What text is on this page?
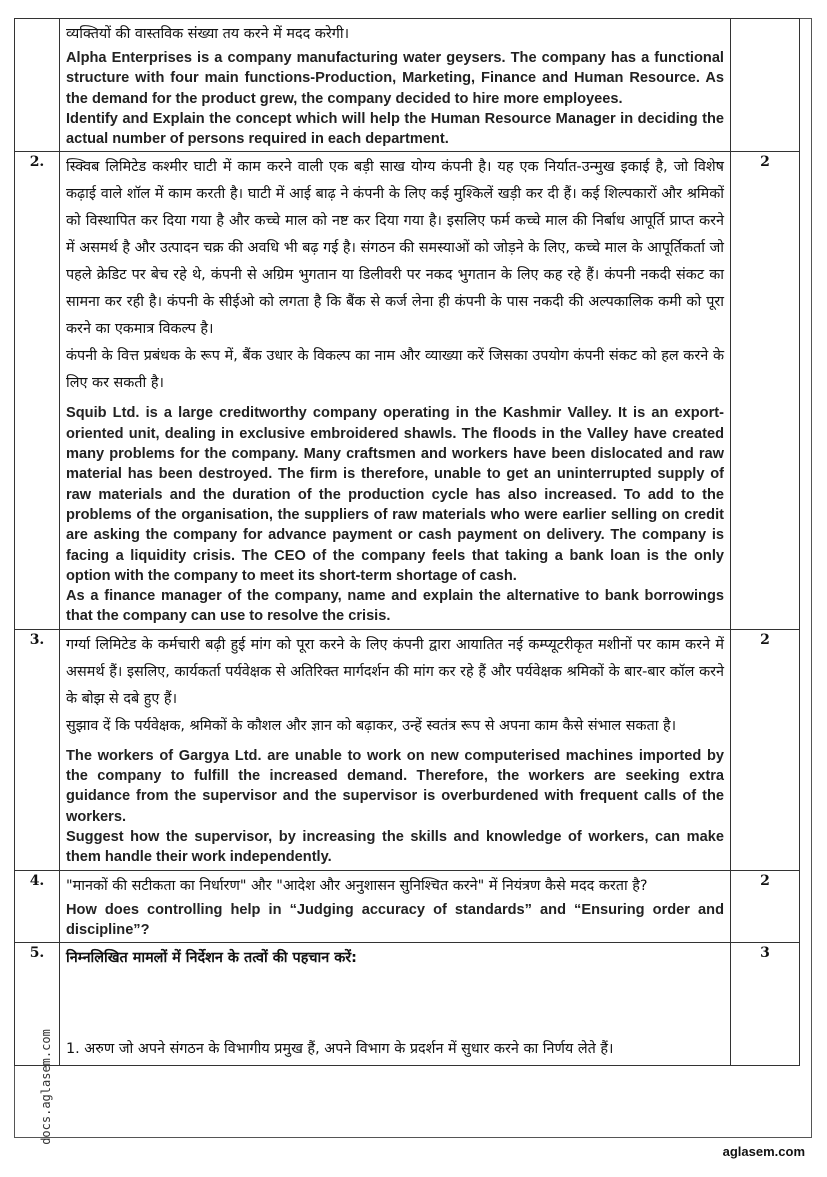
	व्यक्तियों की वास्तविक संख्या तय करने में मदद करेगी।

Alpha Enterprises is a company manufacturing water geysers. The company has a functional structure with four main functions-Production, Marketing, Finance and Human Resource. As the demand for the product grew, the company decided to hire more employees.

Identify and Explain the concept which will help the Human Resource Manager in deciding the actual number of persons required in each department.	

2.	स्क्विब लिमिटेड कश्मीर घाटी में काम करने वाली एक बड़ी साख योग्य कंपनी है। यह एक निर्यात-उन्मुख इकाई है, जो विशेष कढ़ाई वाले शॉल में काम करती है। घाटी में आई बाढ़ ने कंपनी के लिए कई मुश्किलें खड़ी कर दी हैं। कई शिल्पकारों और श्रमिकों को विस्थापित कर दिया गया है और कच्चे माल को नष्ट कर दिया गया है। इसलिए फर्म कच्चे माल की निर्बाध आपूर्ति प्राप्त करने में असमर्थ है और उत्पादन चक्र की अवधि भी बढ़ गई है। संगठन की समस्याओं को जोड़ने के लिए, कच्चे माल के आपूर्तिकर्ता जो पहले क्रेडिट पर बेच रहे थे, कंपनी से अग्रिम भुगतान या डिलीवरी पर नकद भुगतान के लिए कह रहे हैं। कंपनी नकदी संकट का सामना कर रही है। कंपनी के सीईओ को लगता है कि बैंक से कर्ज लेना ही कंपनी के पास नकदी की अल्पकालिक कमी को पूरा करने का एकमात्र विकल्प है।

कंपनी के वित्त प्रबंधक के रूप में, बैंक उधार के विकल्प का नाम और व्याख्या करें जिसका उपयोग कंपनी संकट को हल करने के लिए कर सकती है।

Squib Ltd. is a large creditworthy company operating in the Kashmir Valley. It is an export-oriented unit, dealing in exclusive embroidered shawls. The floods in the Valley have created many problems for the company. Many craftsmen and workers have been dislocated and raw material has been destroyed. The firm is therefore, unable to get an uninterrupted supply of raw materials and the duration of the production cycle has also increased. To add to the problems of the organisation, the suppliers of raw materials who were earlier selling on credit are asking the company for advance payment or cash payment on delivery. The company is facing a liquidity crisis. The CEO of the company feels that taking a bank loan is the only option with the company to meet its short-term shortage of cash.

As a finance manager of the company, name and explain the alternative to bank borrowings that the company can use to resolve the crisis.	2
3.	गर्ग्या लिमिटेड के कर्मचारी बढ़ी हुई मांग को पूरा करने के लिए कंपनी द्वारा आयातित नई कम्प्यूटरीकृत मशीनों पर काम करने में असमर्थ हैं। इसलिए, कार्यकर्ता पर्यवेक्षक से अतिरिक्त मार्गदर्शन की मांग कर रहे हैं और पर्यवेक्षक श्रमिकों के बार-बार कॉल करने के बोझ से दबे हुए हैं।

सुझाव दें कि पर्यवेक्षक, श्रमिकों के कौशल और ज्ञान को बढ़ाकर, उन्हें स्वतंत्र रूप से अपना काम कैसे संभाल सकता है।

The workers of Gargya Ltd. are unable to work on new computerised machines imported by the company to fulfill the increased demand. Therefore, the workers are seeking extra guidance from the supervisor and the supervisor is overburdened with frequent calls of the workers.

Suggest how the supervisor, by increasing the skills and knowledge of workers, can make them handle their work independently.	2
4.	"मानकों की सटीकता का निर्धारण" और "आदेश और अनुशासन सुनिश्चित करने" में नियंत्रण कैसे मदद करता है?

How does controlling help in “Judging accuracy of standards” and “Ensuring order and discipline”?	2
5.	निम्नलिखित मामलों में निर्देशन के तत्वों की पहचान करें:

1. अरुण जो अपने संगठन के विभागीय प्रमुख हैं, अपने विभाग के प्रदर्शन में सुधार करने का निर्णय लेते हैं।	3
docs.aglasem.com
aglasem.com
